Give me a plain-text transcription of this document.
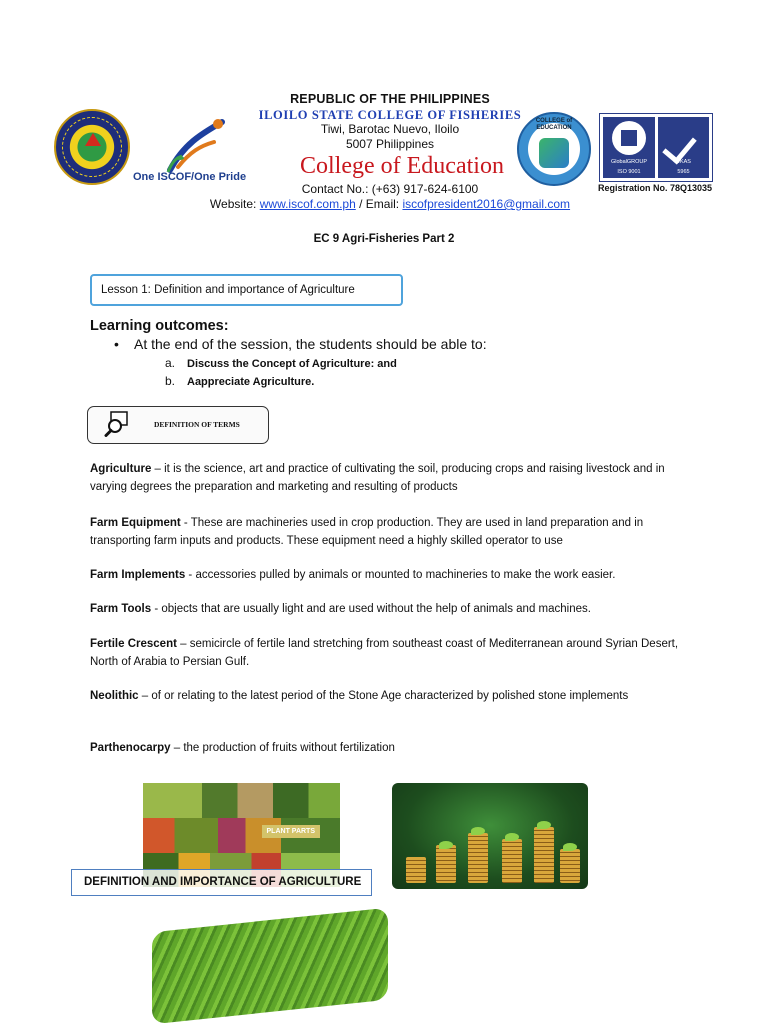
One ISCOF/One Pride
REPUBLIC OF THE PHILIPPINES
ILOILO STATE COLLEGE OF FISHERIES
Tiwi, Barotac Nuevo, Iloilo
5007 Philippines
College of Education
Contact No.: (+63) 917-624-6100
Website: www.iscof.com.ph / Email: iscofpresident2016@gmail.com
COLLEGE of EDUCATION
GlobalGROUP
ISO 9001
UKAS
5965
Registration No. 78Q13035
EC 9 Agri-Fisheries Part 2
Lesson 1: Definition and importance of Agriculture
Learning outcomes:
• At the end of the session, the students should be able to:
a. Discuss the Concept of Agriculture: and
b. Aappreciate Agriculture.
DEFINITION OF TERMS
Agriculture – it is the science, art and practice of cultivating the soil, producing crops and raising livestock and in varying degrees the preparation and marketing and resulting of products
Farm Equipment - These are machineries used in crop production. They are used in land preparation and in transporting farm inputs and products. These equipment need a highly skilled operator to use
Farm Implements - accessories pulled by animals or mounted to machineries to make the work easier.
Farm Tools - objects that are usually light and are used without the help of animals and machines.
Fertile Crescent – semicircle of fertile land stretching from southeast coast of Mediterranean around Syrian Desert, North of Arabia to Persian Gulf.
Neolithic – of or relating to the latest period of the Stone Age characterized by polished stone implements
Parthenocarpy – the production of fruits without fertilization
PLANT PARTS
DEFINITION AND IMPORTANCE OF AGRICULTURE
